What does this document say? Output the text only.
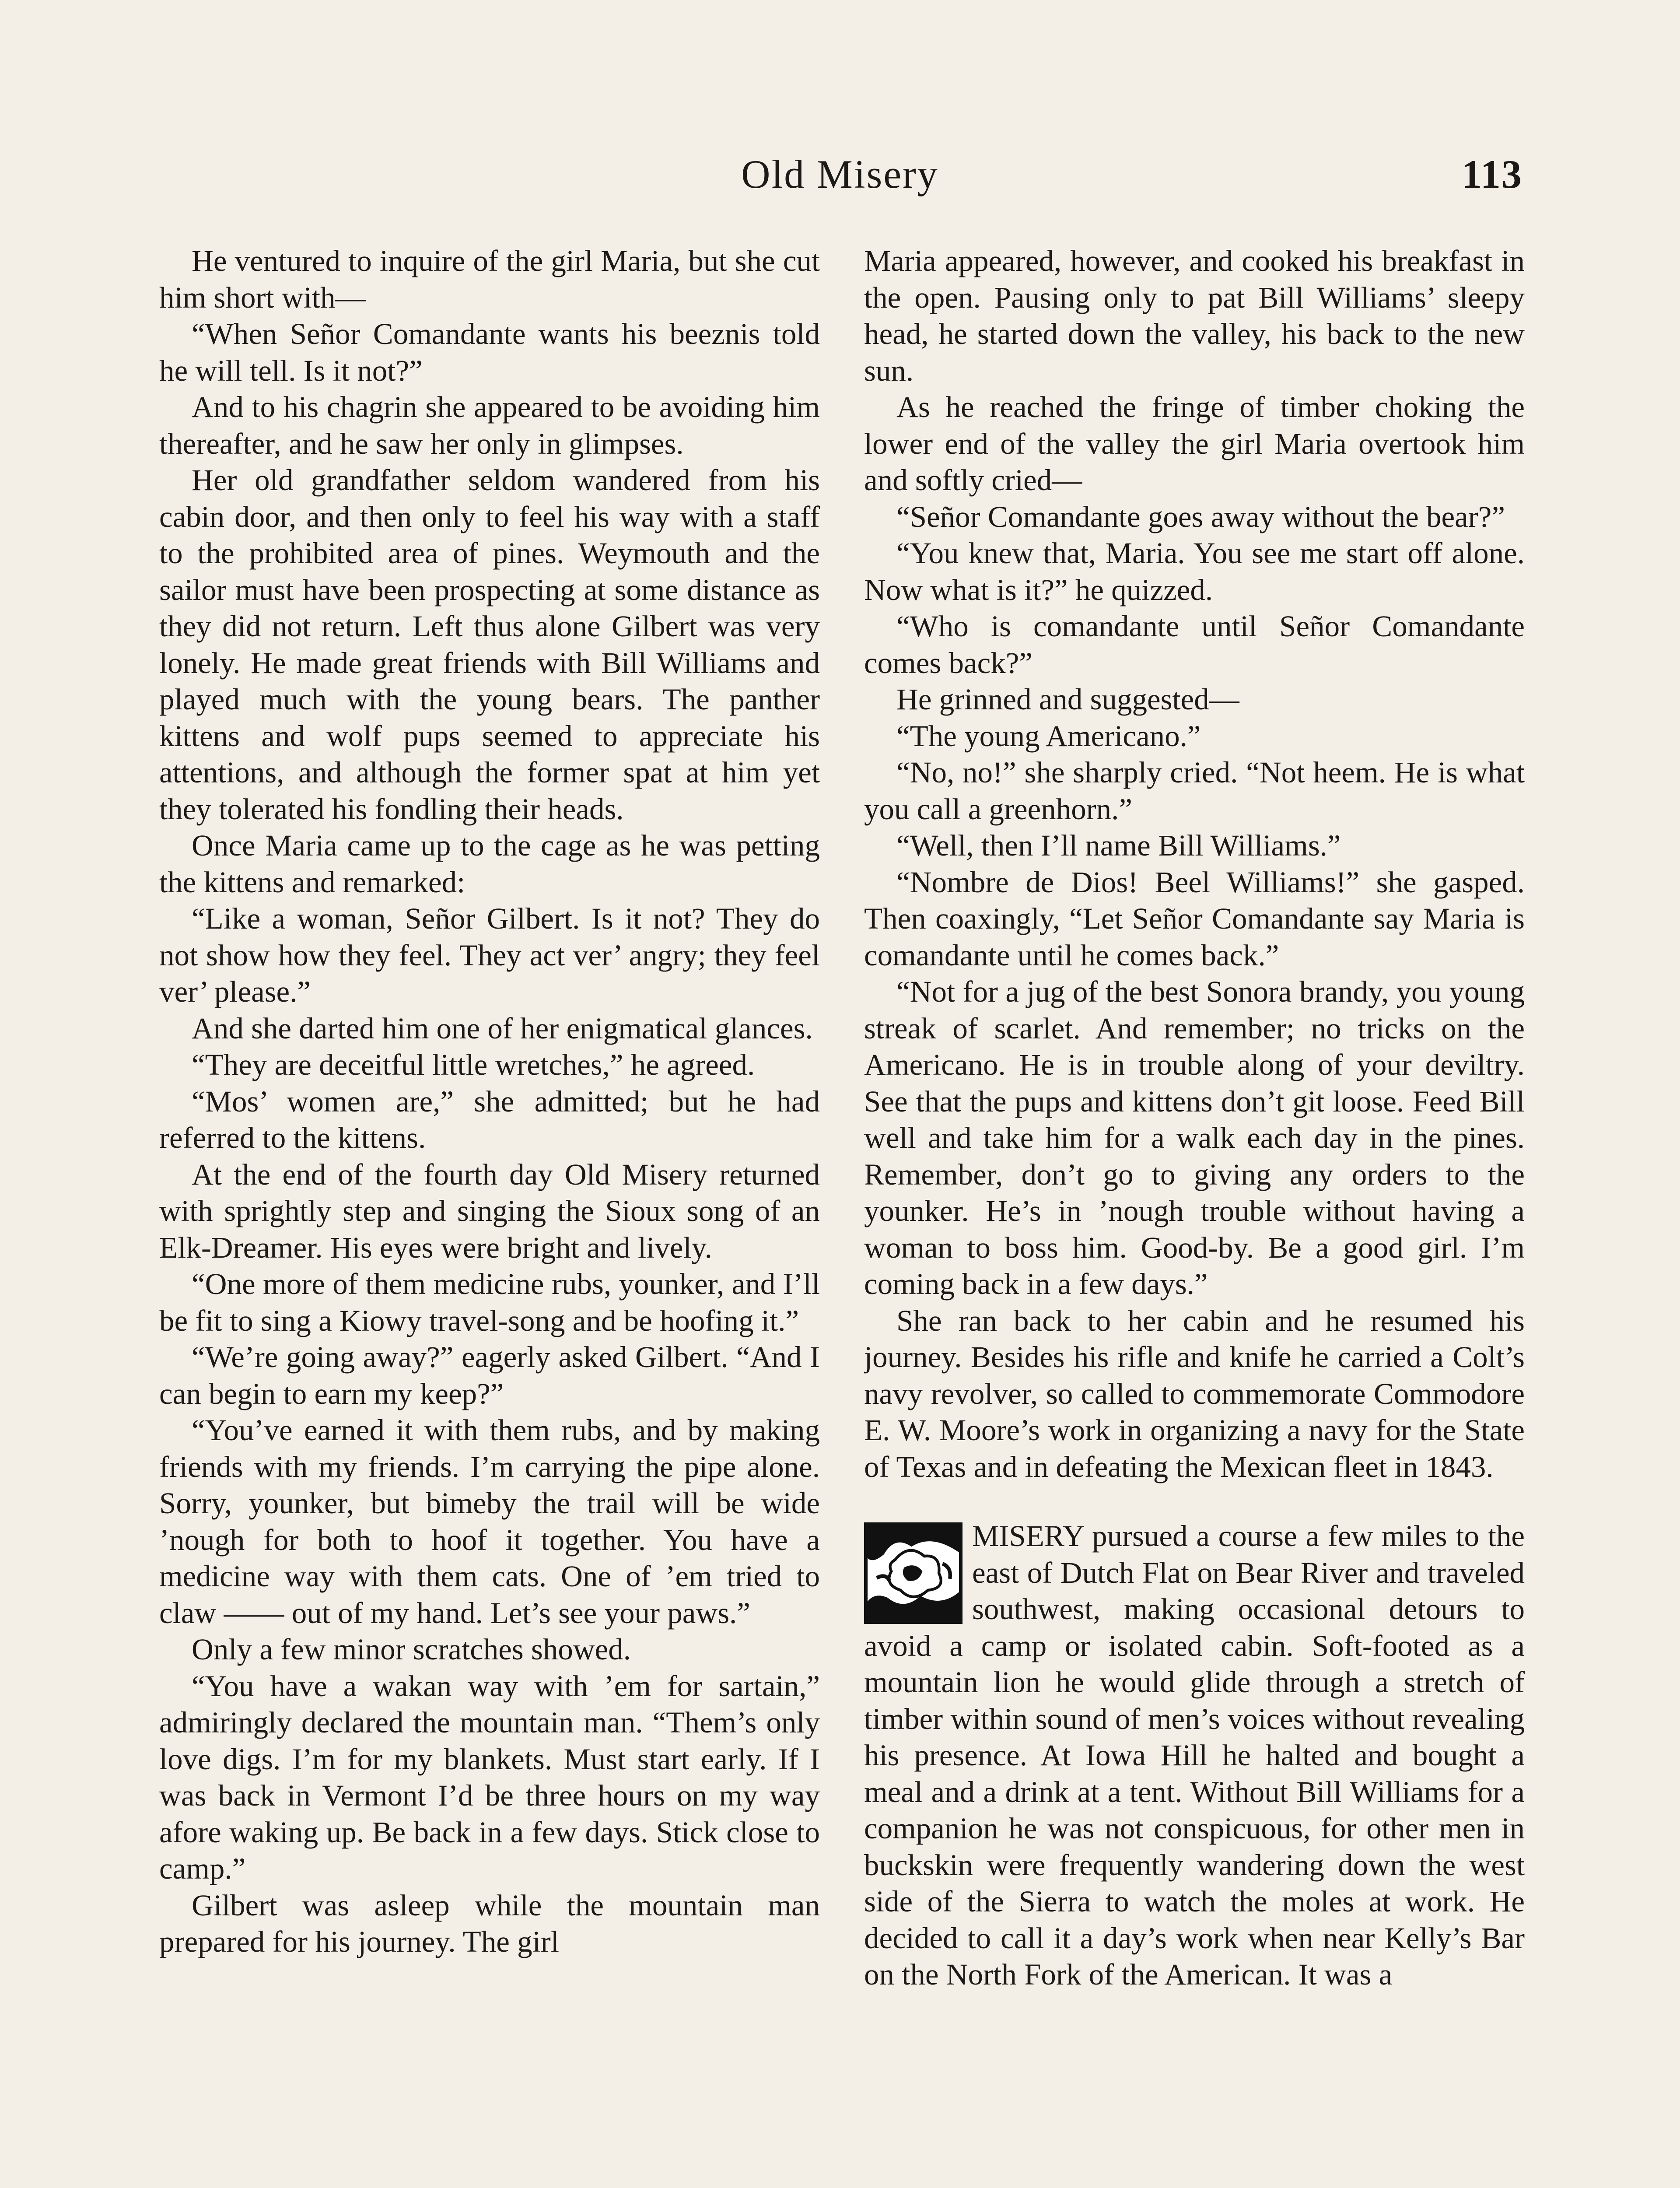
Old Misery	113

He ventured to inquire of the girl Maria, but she cut him short with—

“When Señor Comandante wants his beeznis told he will tell. Is it not?”

And to his chagrin she appeared to be avoiding him thereafter, and he saw her only in glimpses.

Her old grandfather seldom wandered from his cabin door, and then only to feel his way with a staff to the prohibited area of pines. Weymouth and the sailor must have been prospecting at some distance as they did not return. Left thus alone Gilbert was very lonely. He made great friends with Bill Williams and played much with the young bears. The panther kittens and wolf pups seemed to appreciate his attentions, and although the former spat at him yet they tolerated his fondling their heads.

Once Maria came up to the cage as he was petting the kittens and remarked:

“Like a woman, Señor Gilbert. Is it not? They do not show how they feel. They act ver’ angry; they feel ver’ please.”

And she darted him one of her enigmatical glances.

“They are deceitful little wretches,” he agreed.

“Mos’ women are,” she admitted; but he had referred to the kittens.

At the end of the fourth day Old Misery returned with sprightly step and singing the Sioux song of an Elk-Dreamer. His eyes were bright and lively.

“One more of them medicine rubs, younker, and I’ll be fit to sing a Kiowy travel-song and be hoofing it.”

“We’re going away?” eagerly asked Gilbert. “And I can begin to earn my keep?”

“You’ve earned it with them rubs, and by making friends with my friends. I’m carrying the pipe alone. Sorry, younker, but bimeby the trail will be wide ’nough for both to hoof it together. You have a medicine way with them cats. One of ’em tried to claw —— out of my hand. Let’s see your paws.”

Only a few minor scratches showed.

“You have a wakan way with ’em for sartain,” admiringly declared the mountain man. “Them’s only love digs. I’m for my blankets. Must start early. If I was back in Vermont I’d be three hours on my way afore waking up. Be back in a few days. Stick close to camp.”

Gilbert was asleep while the mountain man prepared for his journey. The girl

Maria appeared, however, and cooked his breakfast in the open. Pausing only to pat Bill Williams’ sleepy head, he started down the valley, his back to the new sun.

As he reached the fringe of timber choking the lower end of the valley the girl Maria overtook him and softly cried—

“Señor Comandante goes away without the bear?”

“You knew that, Maria. You see me start off alone. Now what is it?” he quizzed.

“Who is comandante until Señor Comandante comes back?”

He grinned and suggested—

“The young Americano.”

“No, no!” she sharply cried. “Not heem. He is what you call a greenhorn.”

“Well, then I’ll name Bill Williams.”

“Nombre de Dios! Beel Williams!” she gasped. Then coaxingly, “Let Señor Comandante say Maria is comandante until he comes back.”

“Not for a jug of the best Sonora brandy, you young streak of scarlet. And remember; no tricks on the Americano. He is in trouble along of your deviltry. See that the pups and kittens don’t git loose. Feed Bill well and take him for a walk each day in the pines. Remember, don’t go to giving any orders to the younker. He’s in ’nough trouble without having a woman to boss him. Good-by. Be a good girl. I’m coming back in a few days.”

She ran back to her cabin and he resumed his journey. Besides his rifle and knife he carried a Colt’s navy revolver, so called to commemorate Commodore E. W. Moore’s work in organizing a navy for the State of Texas and in defeating the Mexican fleet in 1843.

MISERY pursued a course a few miles to the east of Dutch Flat on Bear River and traveled southwest, making occasional detours to avoid a camp or isolated cabin. Soft-footed as a mountain lion he would glide through a stretch of timber within sound of men’s voices without revealing his presence. At Iowa Hill he halted and bought a meal and a drink at a tent. Without Bill Williams for a companion he was not conspicuous, for other men in buckskin were frequently wandering down the west side of the Sierra to watch the moles at work. He decided to call it a day’s work when near Kelly’s Bar on the North Fork of the American. It was a
